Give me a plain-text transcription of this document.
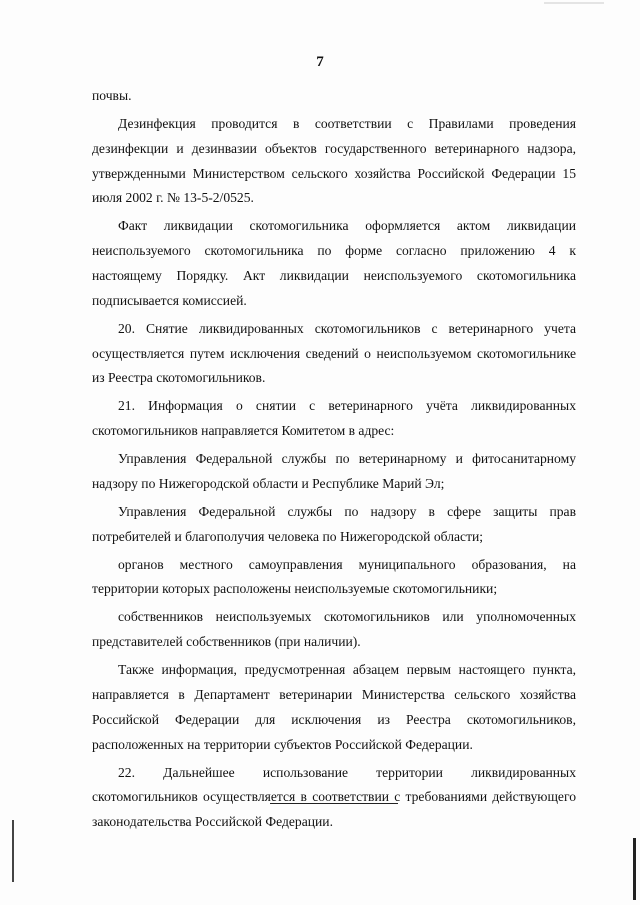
7

почвы.

Дезинфекция проводится в соответствии с Правилами проведения дезинфекции и дезинвазии объектов государственного ветеринарного надзора, утвержденными Министерством сельского хозяйства Российской Федерации 15 июля 2002 г. № 13-5-2/0525.

Факт ликвидации скотомогильника оформляется актом ликвидации неиспользуемого скотомогильника по форме согласно приложению 4 к настоящему Порядку. Акт ликвидации неиспользуемого скотомогильника подписывается комиссией.

20. Снятие ликвидированных скотомогильников с ветеринарного учета осуществляется путем исключения сведений о неиспользуемом скотомогильнике из Реестра скотомогильников.

21. Информация о снятии с ветеринарного учёта ликвидированных скотомогильников направляется Комитетом в адрес:

Управления Федеральной службы по ветеринарному и фитосанитарному надзору по Нижегородской области и Республике Марий Эл;

Управления Федеральной службы по надзору в сфере защиты прав потребителей и благополучия человека по Нижегородской области;

органов местного самоуправления муниципального образования, на территории которых расположены неиспользуемые скотомогильники;

собственников неиспользуемых скотомогильников или уполномоченных представителей собственников (при наличии).

Также информация, предусмотренная абзацем первым настоящего пункта, направляется в Департамент ветеринарии Министерства сельского хозяйства Российской Федерации для исключения из Реестра скотомогильников, расположенных на территории субъектов Российской Федерации.

22. Дальнейшее использование территории ликвидированных скотомогильников осуществляется в соответствии с требованиями действующего законодательства Российской Федерации.
